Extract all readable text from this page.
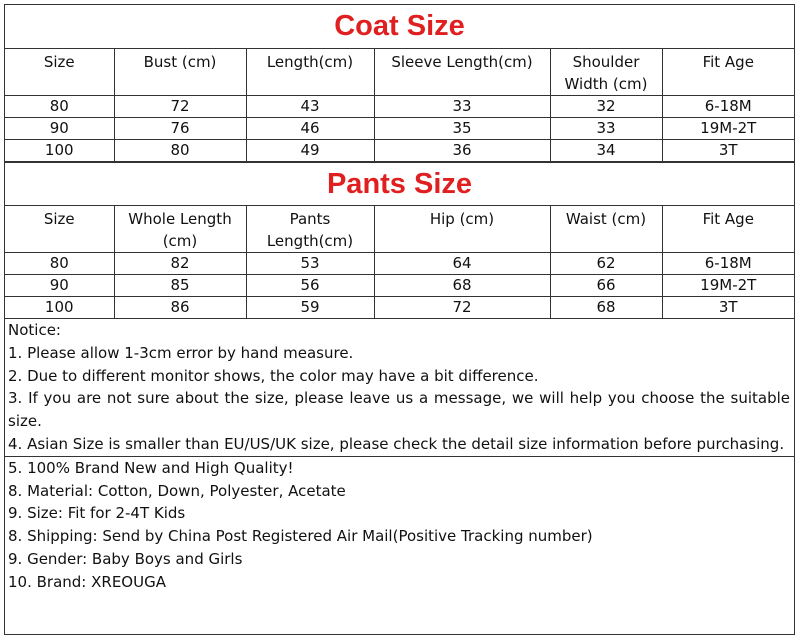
Coat Size
Size	Bust (cm)	Length(cm)	Sleeve Length(cm)	Shoulder Width (cm)	Fit Age
80	72	43	33	32	6-18M
90	76	46	35	33	19M-2T
100	80	49	36	34	3T
Pants Size
Size	Whole Length (cm)	Pants Length(cm)	Hip (cm)	Waist (cm)	Fit Age
80	82	53	64	62	6-18M
90	85	56	68	66	19M-2T
100	86	59	72	68	3T
Notice:
1. Please allow 1-3cm error by hand measure.
2. Due to different monitor shows, the color may have a bit difference.
3. If you are not sure about the size, please leave us a message, we will help you choose the suitable size.
4. Asian Size is smaller than EU/US/UK size, please check the detail size information before purchasing.
5. 100% Brand New and High Quality!
8. Material: Cotton, Down, Polyester, Acetate
9. Size: Fit for 2-4T Kids
8. Shipping: Send by China Post Registered Air Mail(Positive Tracking number)
9. Gender: Baby Boys and Girls
10. Brand: XREOUGA
